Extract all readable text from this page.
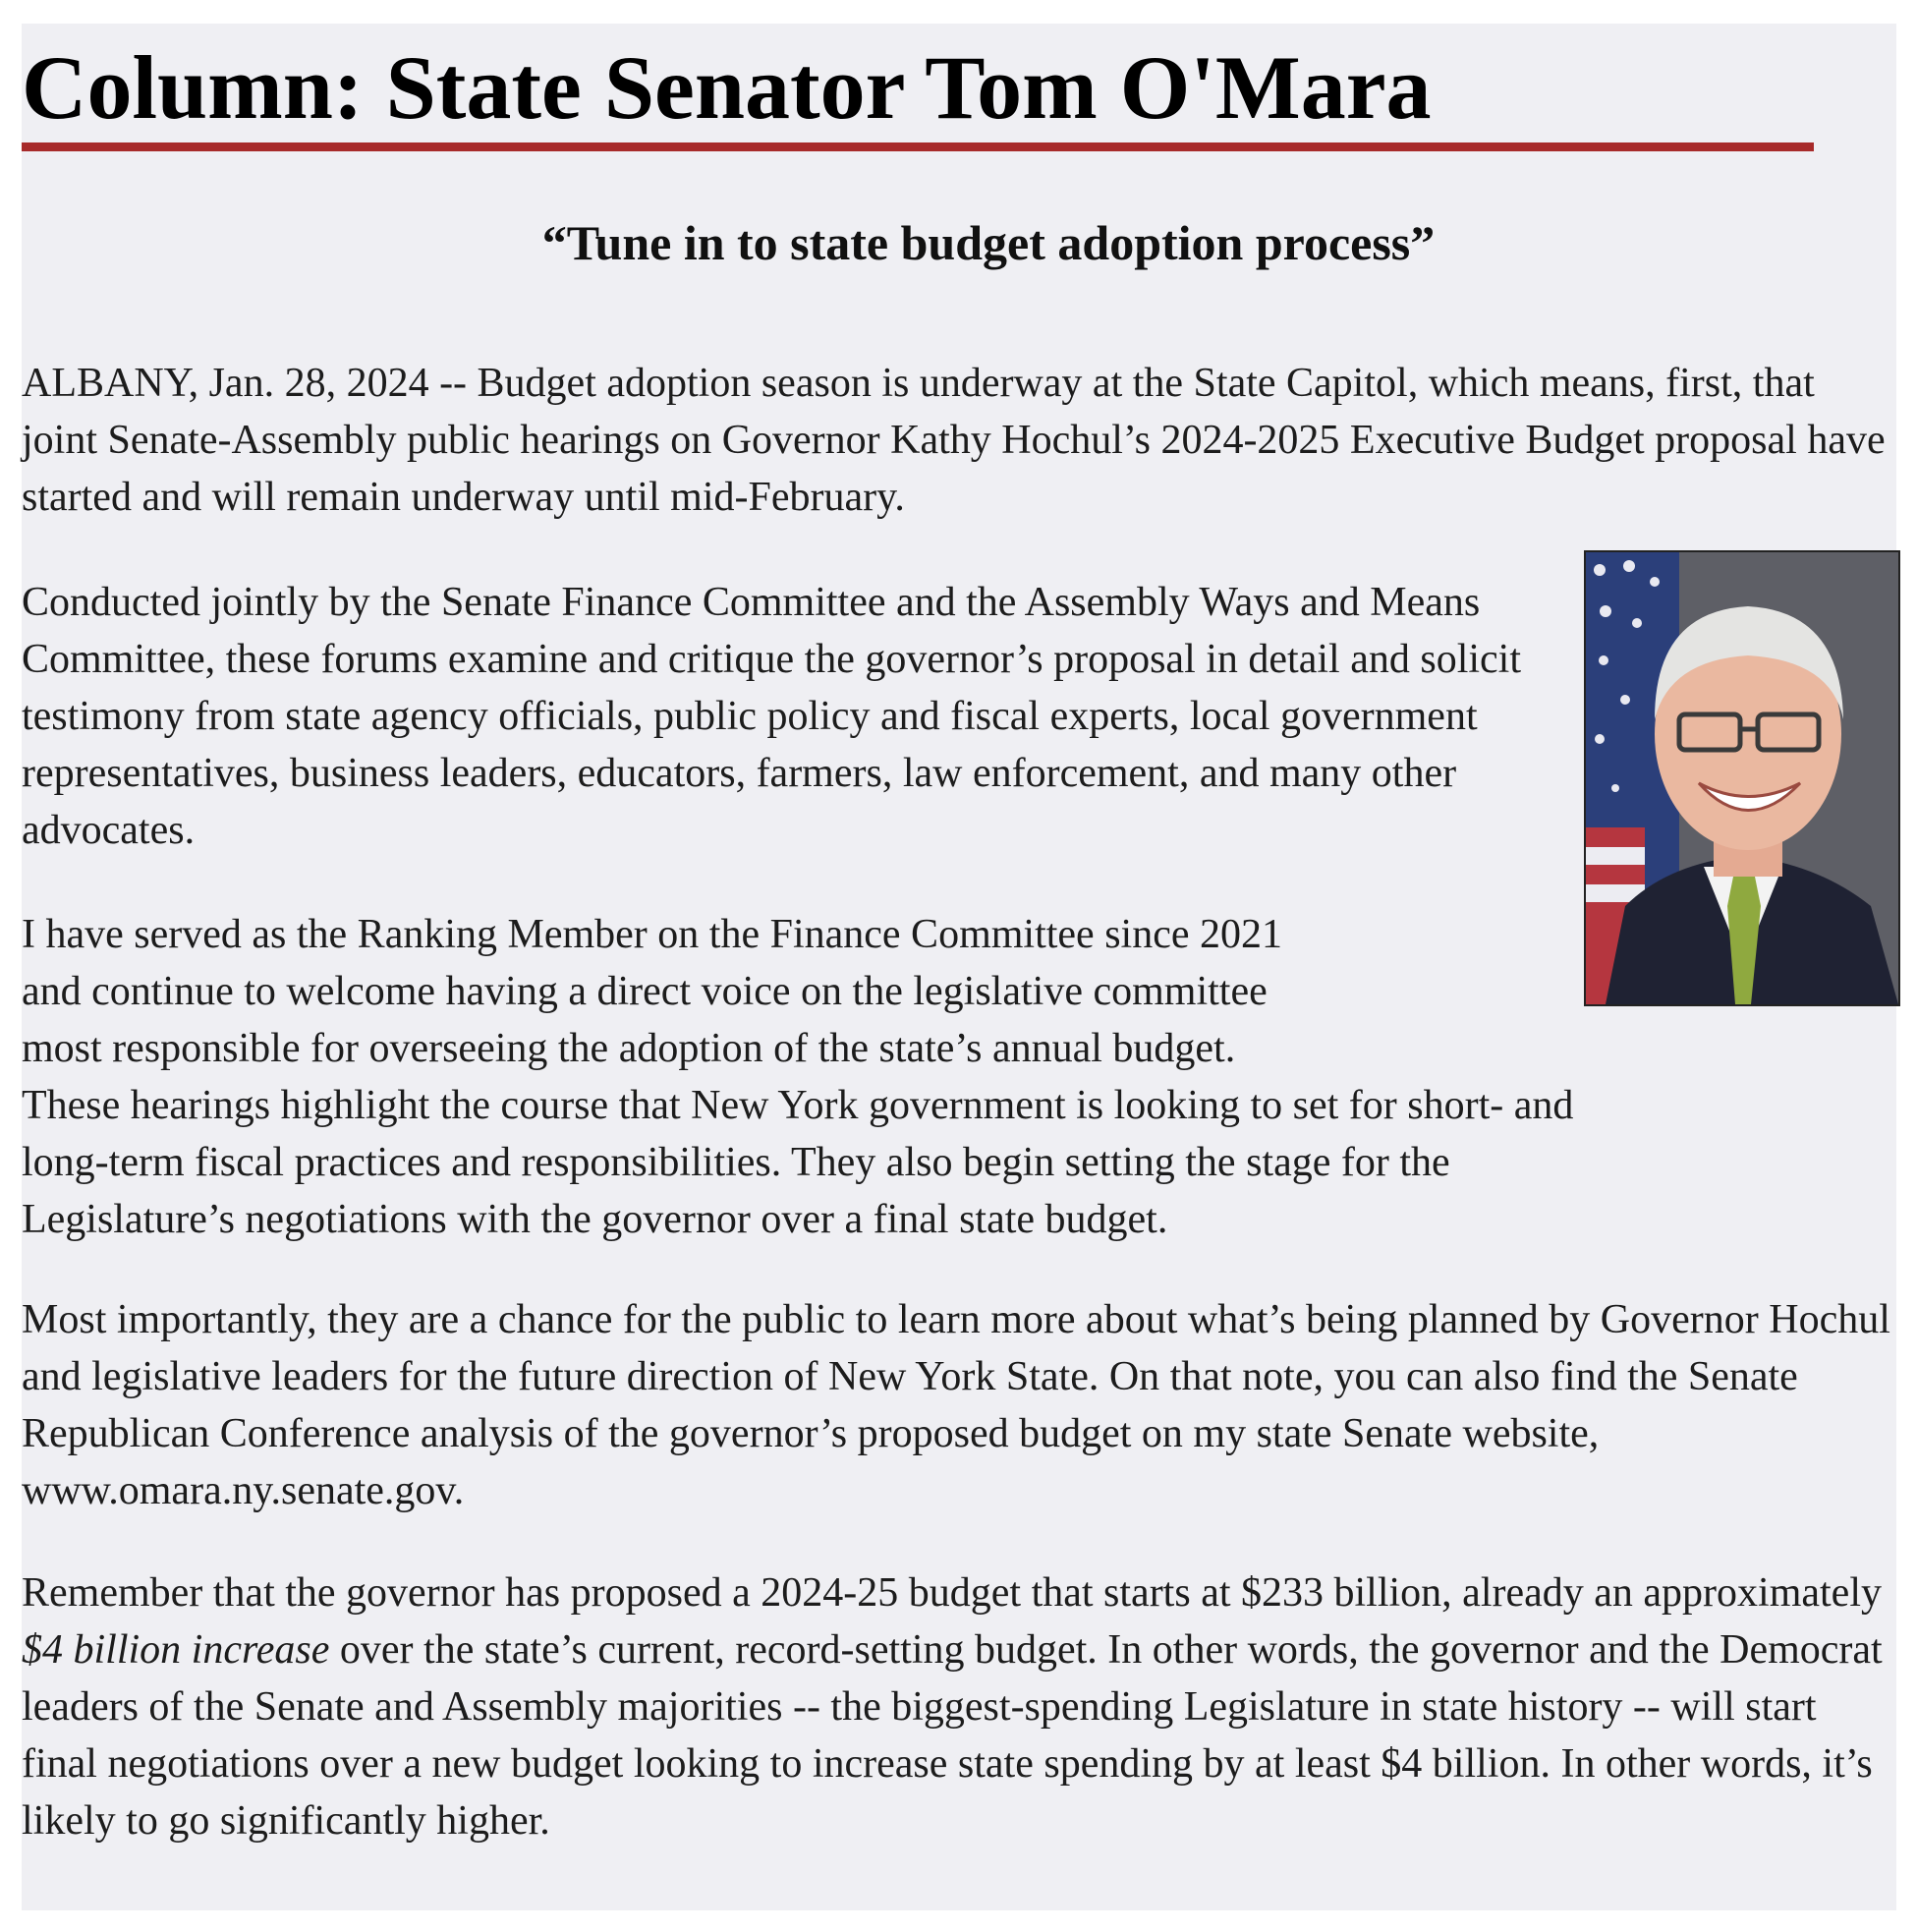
Column: State Senator Tom O'Mara
“Tune in to state budget adoption process”

ALBANY, Jan. 28, 2024 -- Budget adoption season is underway at the State Capitol, which means, first, that joint Senate-Assembly public hearings on Governor Kathy Hochul’s 2024-2025 Executive Budget proposal have started and will remain underway until mid-February.

Conducted jointly by the Senate Finance Committee and the Assembly Ways and Means Committee, these forums examine and critique the governor’s proposal in detail and solicit testimony from state agency officials, public policy and fiscal experts, local government representatives, business leaders, educators, farmers, law enforcement, and many other advocates.

I have served as the Ranking Member on the Finance Committee since 2021
and continue to welcome having a direct voice on the legislative committee
most responsible for overseeing the adoption of the state’s annual budget.
These hearings highlight the course that New York government is looking to set for short- and
long-term fiscal practices and responsibilities. They also begin setting the stage for the
Legislature’s negotiations with the governor over a final state budget.

Most importantly, they are a chance for the public to learn more about what’s being planned by Governor Hochul and legislative leaders for the future direction of New York State. On that note, you can also find the Senate Republican Conference analysis of the governor’s proposed budget on my state Senate website, www.omara.ny.senate.gov.

Remember that the governor has proposed a 2024-25 budget that starts at $233 billion, already an approximately $4 billion increase over the state’s current, record-setting budget. In other words, the governor and the Democrat leaders of the Senate and Assembly majorities -- the biggest-spending Legislature in state history -- will start final negotiations over a new budget looking to increase state spending by at least $4 billion. In other words, it’s likely to go significantly higher.
